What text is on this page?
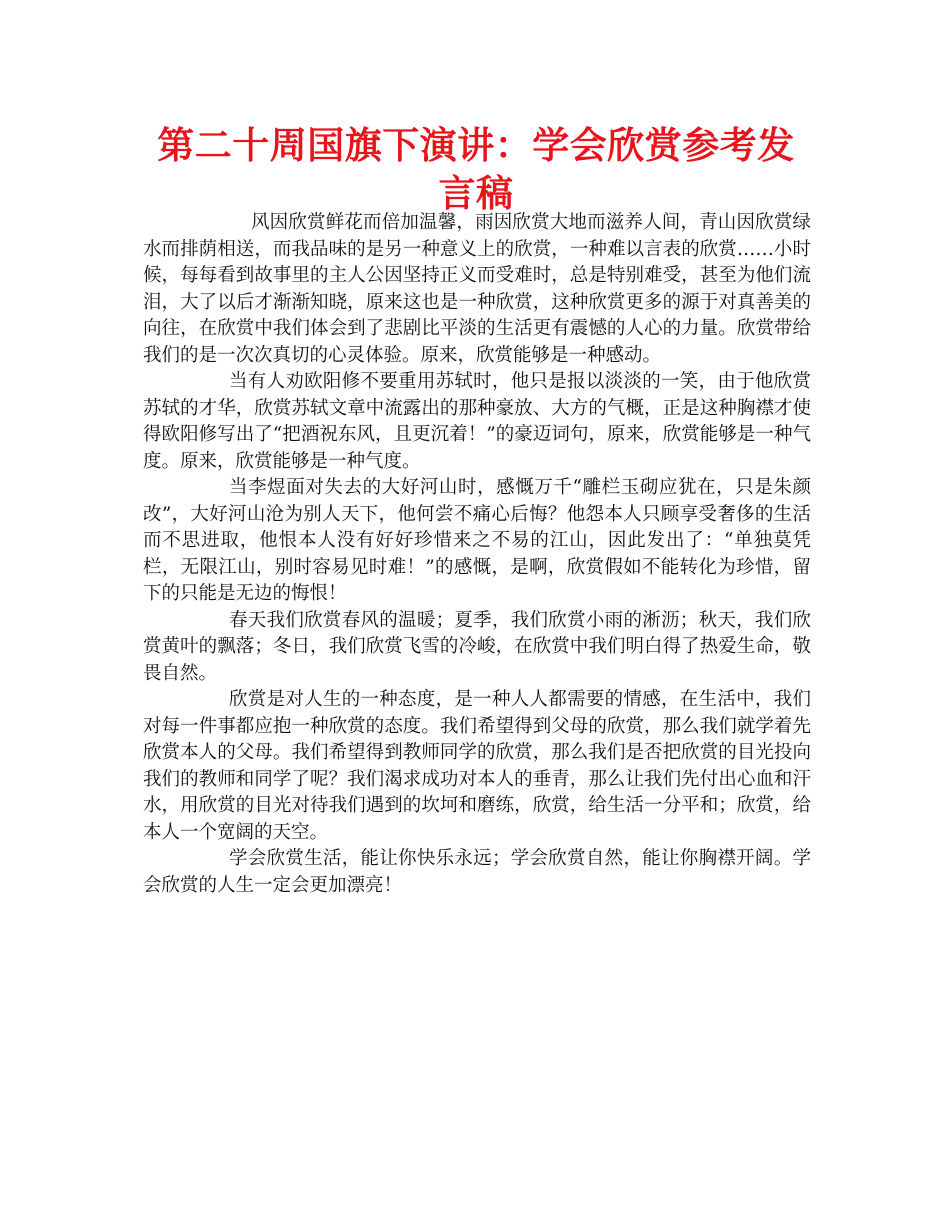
第二十周国旗下演讲：学会欣赏参考发言稿

风因欣赏鲜花而倍加温馨，雨因欣赏大地而滋养人间，青山因欣赏绿水而排荫相送，而我品味的是另一种意义上的欣赏，一种难以言表的欣赏……小时候，每每看到故事里的主人公因坚持正义而受难时，总是特别难受，甚至为他们流泪，大了以后才渐渐知晓，原来这也是一种欣赏，这种欣赏更多的源于对真善美的向往，在欣赏中我们体会到了悲剧比平淡的生活更有震憾的人心的力量。欣赏带给我们的是一次次真切的心灵体验。原来，欣赏能够是一种感动。

当有人劝欧阳修不要重用苏轼时，他只是报以淡淡的一笑，由于他欣赏苏轼的才华，欣赏苏轼文章中流露出的那种豪放、大方的气概，正是这种胸襟才使得欧阳修写出了“把酒祝东风，且更沉着！”的豪迈词句，原来，欣赏能够是一种气度。原来，欣赏能够是一种气度。

当李煜面对失去的大好河山时，感慨万千“雕栏玉砌应犹在，只是朱颜改”，大好河山沧为别人天下，他何尝不痛心后悔？他怨本人只顾享受奢侈的生活而不思进取，他恨本人没有好好珍惜来之不易的江山，因此发出了：“单独莫凭栏，无限江山，别时容易见时难！”的感慨，是啊，欣赏假如不能转化为珍惜，留下的只能是无边的悔恨！

春天我们欣赏春风的温暖；夏季，我们欣赏小雨的淅沥；秋天，我们欣赏黄叶的飘落；冬日，我们欣赏飞雪的冷峻，在欣赏中我们明白得了热爱生命，敬畏自然。

欣赏是对人生的一种态度，是一种人人都需要的情感，在生活中，我们对每一件事都应抱一种欣赏的态度。我们希望得到父母的欣赏，那么我们就学着先欣赏本人的父母。我们希望得到教师同学的欣赏，那么我们是否把欣赏的目光投向我们的教师和同学了呢？我们渴求成功对本人的垂青，那么让我们先付出心血和汗水，用欣赏的目光对待我们遇到的坎坷和磨练，欣赏，给生活一分平和；欣赏，给本人一个宽阔的天空。

学会欣赏生活，能让你快乐永远；学会欣赏自然，能让你胸襟开阔。学会欣赏的人生一定会更加漂亮！
